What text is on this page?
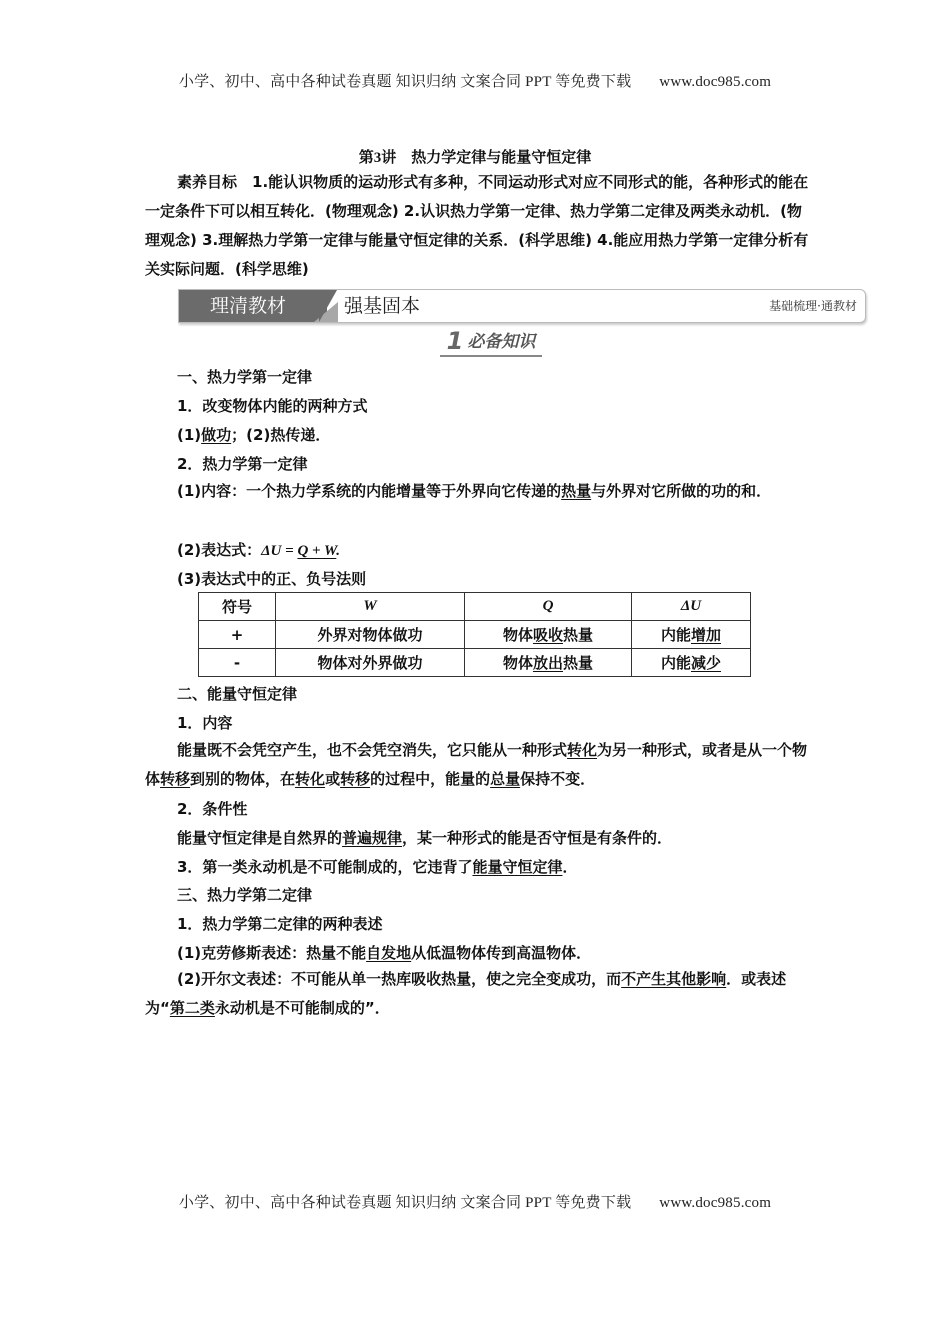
小学、初中、高中各种试卷真题 知识归纳 文案合同 PPT 等免费下载 www.doc985.com
第3讲　热力学定律与能量守恒定律
素养目标　1.能认识物质的运动形式有多种，不同运动形式对应不同形式的能，各种形式的能在一定条件下可以相互转化．(物理观念) 2.认识热力学第一定律、热力学第二定律及两类永动机．(物理观念) 3.理解热力学第一定律与能量守恒定律的关系．(科学思维) 4.能应用热力学第一定律分析有关实际问题．(科学思维)
理清教材	强基固本	基础梳理·通教材
1 必备知识
一、热力学第一定律
1．改变物体内能的两种方式
(1)做功；(2)热传递．
2．热力学第一定律
(1)内容：一个热力学系统的内能增量等于外界向它传递的热量与外界对它所做的功的和．
(2)表达式：ΔU = Q + W.
(3)表达式中的正、负号法则
符号	W	Q	ΔU
+	外界对物体做功	物体吸收热量	内能增加
-	物体对外界做功	物体放出热量	内能减少
二、能量守恒定律
1．内容
能量既不会凭空产生，也不会凭空消失，它只能从一种形式转化为另一种形式，或者是从一个物体转移到别的物体，在转化或转移的过程中，能量的总量保持不变．
2．条件性
能量守恒定律是自然界的普遍规律，某一种形式的能是否守恒是有条件的．
3．第一类永动机是不可能制成的，它违背了能量守恒定律．
三、热力学第二定律
1．热力学第二定律的两种表述
(1)克劳修斯表述：热量不能自发地从低温物体传到高温物体．
(2)开尔文表述：不可能从单一热库吸收热量，使之完全变成功，而不产生其他影响．或表述为“第二类永动机是不可能制成的”．
小学、初中、高中各种试卷真题 知识归纳 文案合同 PPT 等免费下载 www.doc985.com
